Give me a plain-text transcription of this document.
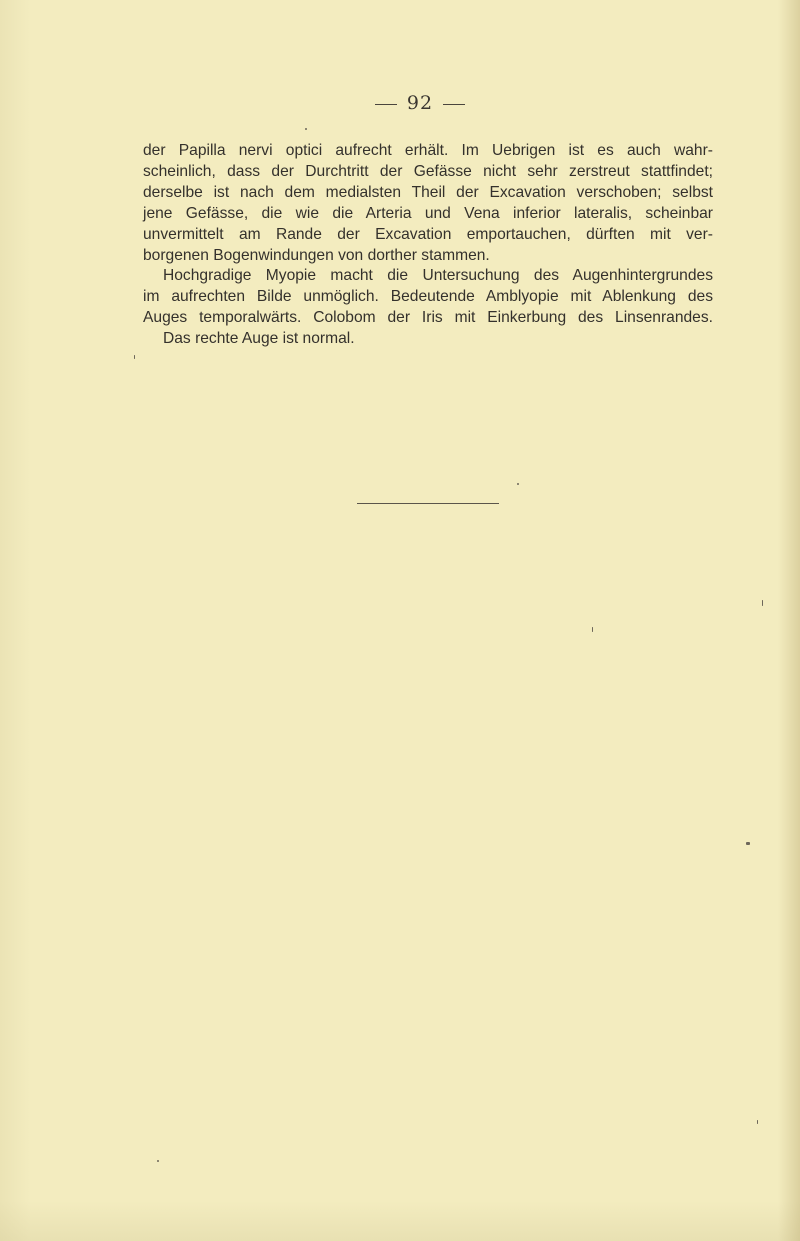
92
der Papilla nervi optici aufrecht erhält. Im Uebrigen ist es auch wahr-
scheinlich, dass der Durchtritt der Gefässe nicht sehr zerstreut stattfindet;
derselbe ist nach dem medialsten Theil der Excavation verschoben; selbst
jene Gefässe, die wie die Arteria und Vena inferior lateralis, scheinbar
unvermittelt am Rande der Excavation emportauchen, dürften mit ver-
borgenen Bogenwindungen von dorther stammen.
Hochgradige Myopie macht die Untersuchung des Augenhintergrundes
im aufrechten Bilde unmöglich. Bedeutende Amblyopie mit Ablenkung des
Auges temporalwärts. Colobom der Iris mit Einkerbung des Linsenrandes.
Das rechte Auge ist normal.
